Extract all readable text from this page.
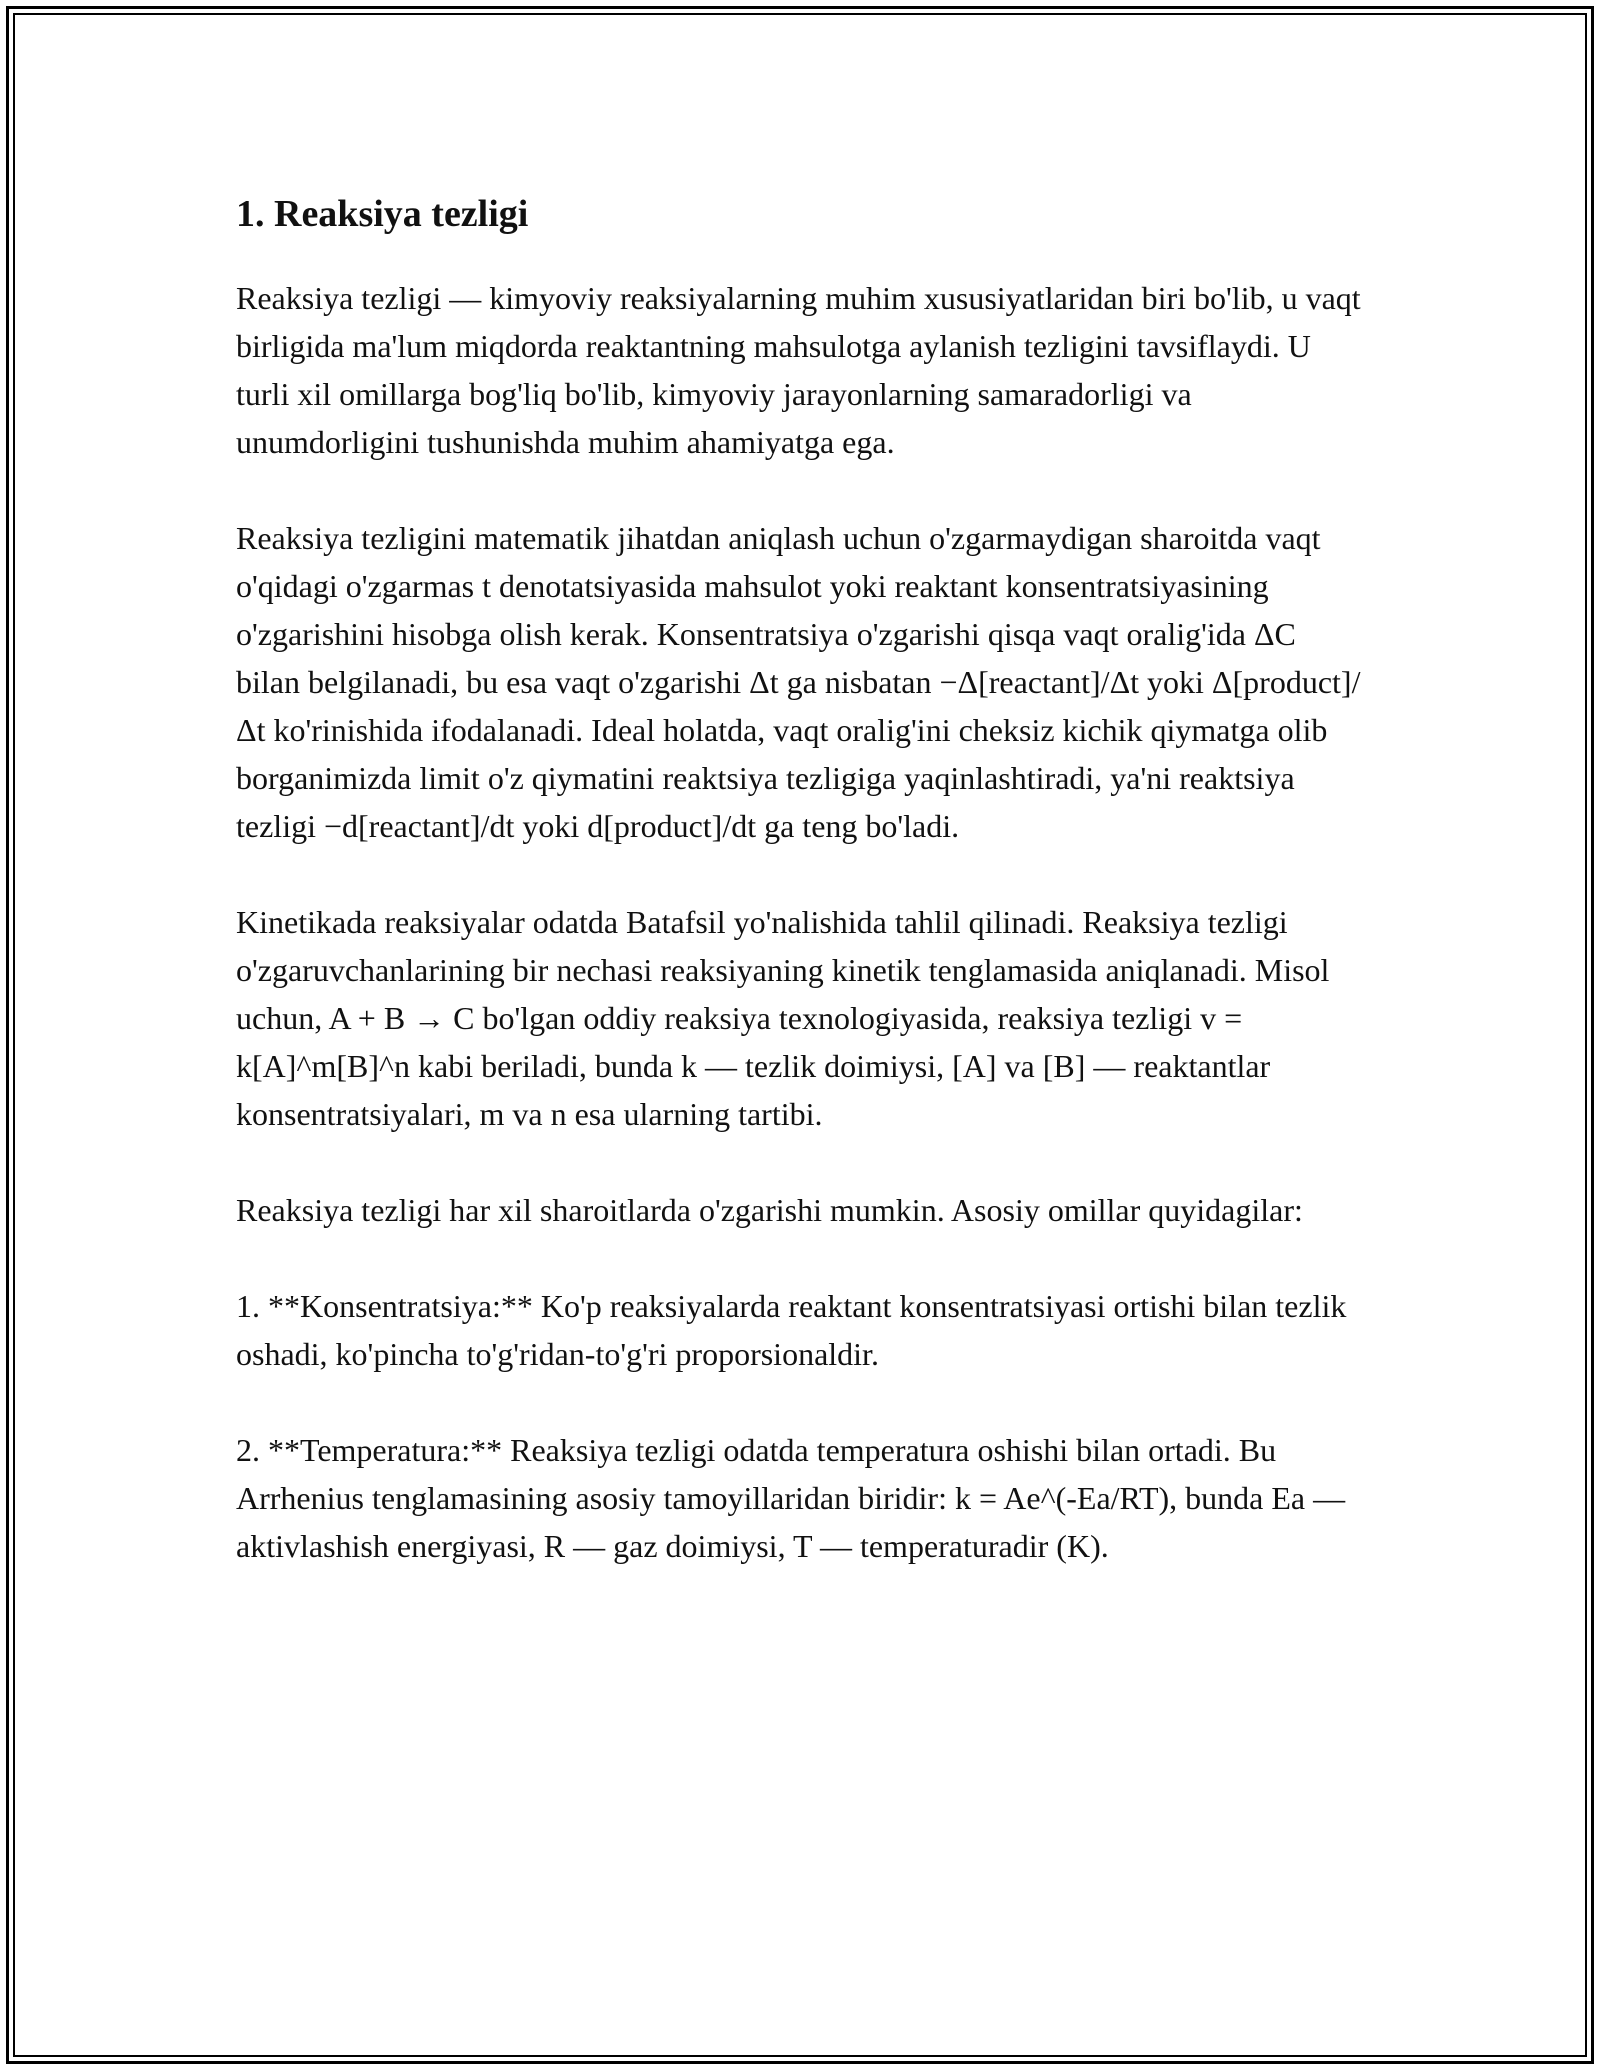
1. Reaksiya tezligi

Reaksiya tezligi — kimyoviy reaksiyalarning muhim xususiyatlaridan biri bo'lib, u vaqt birligida ma'lum miqdorda reaktantning mahsulotga aylanish tezligini tavsiflaydi. U turli xil omillarga bog'liq bo'lib, kimyoviy jarayonlarning samaradorligi va unumdorligini tushunishda muhim ahamiyatga ega.

Reaksiya tezligini matematik jihatdan aniqlash uchun o'zgarmaydigan sharoitda vaqt o'qidagi o'zgarmas t denotatsiyasida mahsulot yoki reaktant konsentratsiyasining o'zgarishini hisobga olish kerak. Konsentratsiya o'zgarishi qisqa vaqt oralig'ida ΔC bilan belgilanadi, bu esa vaqt o'zgarishi Δt ga nisbatan −Δ[reactant]/Δt yoki Δ[product]/Δt ko'rinishida ifodalanadi. Ideal holatda, vaqt oralig'ini cheksiz kichik qiymatga olib borganimizda limit o'z qiymatini reaktsiya tezligiga yaqinlashtiradi, ya'ni reaktsiya tezligi −d[reactant]/dt yoki d[product]/dt ga teng bo'ladi.

Kinetikada reaksiyalar odatda Batafsil yo'nalishida tahlil qilinadi. Reaksiya tezligi o'zgaruvchanlarining bir nechasi reaksiyaning kinetik tenglamasida aniqlanadi. Misol uchun, A + B → C bo'lgan oddiy reaksiya texnologiyasida, reaksiya tezligi v = k[A]^m[B]^n kabi beriladi, bunda k — tezlik doimiysi, [A] va [B] — reaktantlar konsentratsiyalari, m va n esa ularning tartibi.

Reaksiya tezligi har xil sharoitlarda o'zgarishi mumkin. Asosiy omillar quyidagilar:

1. **Konsentratsiya:** Ko'p reaksiyalarda reaktant konsentratsiyasi ortishi bilan tezlik oshadi, ko'pincha to'g'ridan-to'g'ri proporsionaldir.

2. **Temperatura:** Reaksiya tezligi odatda temperatura oshishi bilan ortadi. Bu Arrhenius tenglamasining asosiy tamoyillaridan biridir: k = Ae^(-Ea/RT), bunda Ea — aktivlashish energiyasi, R — gaz doimiysi, T — temperaturadir (K).
